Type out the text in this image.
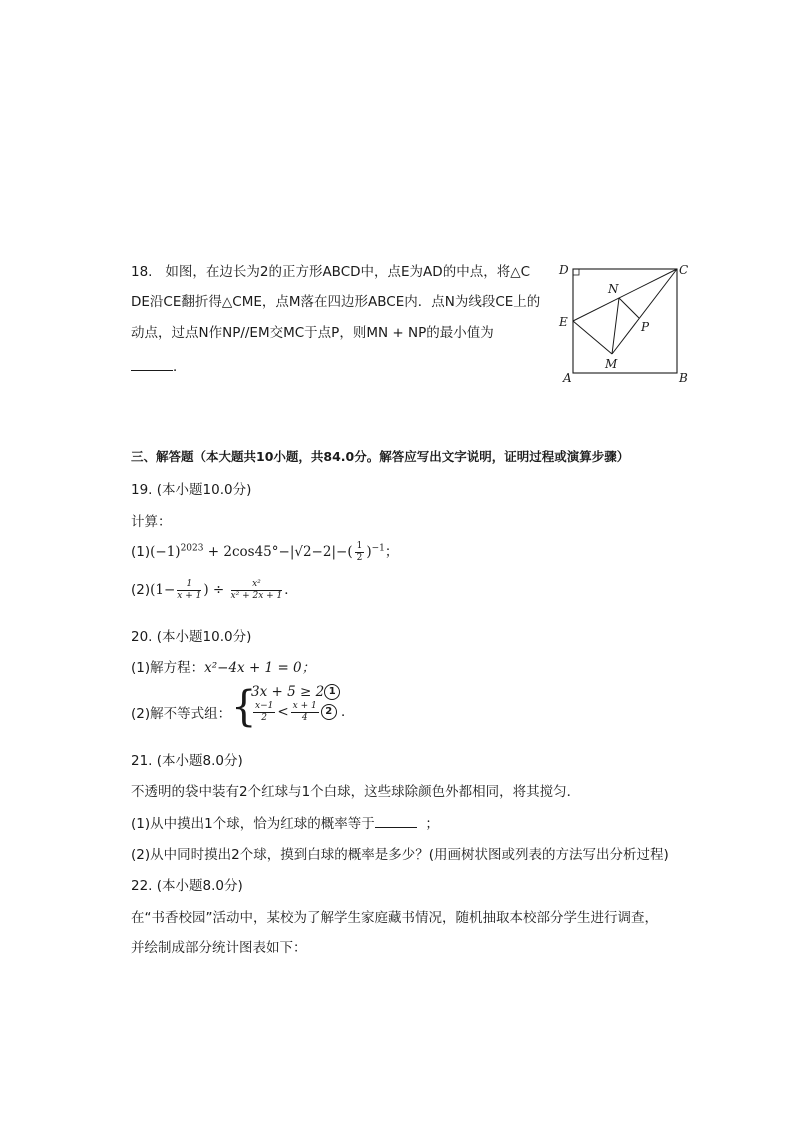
18. 如图，在边长为2的正方形ABCD中，点E为AD的中点，将△C
DE沿CE翻折得△CME，点M落在四边形ABCE内．点N为线段CE上的
动点，过点N作NP//EM交MC于点P，则MN + NP的最小值为
．
D	C
N
E	P
M
A	B
三、解答题（本大题共10小题，共84.0分。解答应写出文字说明，证明过程或演算步骤）
19. (本小题10.0分)
计算：
$(1)(-1)^{2023} + 2\cos 45^\circ-|√2-2|-( \frac{1}{2} )^{-1}$；
$(2)(1- \frac{1}{x + 1}$ ) ÷ $\frac{\text{x²}}{\text{x² + 2x + 1}}$ ．
20. (本小题10.0分)
(1)解方程：x²−4x + 1 = 0；
(2)解不等式组： {
3x + 5 ≥ 2 1
$\frac{x-1}{2} < \frac{x + 1}{4} 2$ ．
21. (本小题8.0分)
不透明的袋中装有2个红球与1个白球，这些球除颜色外都相同，将其搅匀．
(1)从中摸出1个球，恰为红球的概率等于	；
(2)从中同时摸出2个球，摸到白球的概率是多少？(用画树状图或列表的方法写出分析过程)
22. (本小题8.0分)
在“书香校园”活动中，某校为了解学生家庭藏书情况，随机抽取本校部分学生进行调查，
并绘制成部分统计图表如下：
